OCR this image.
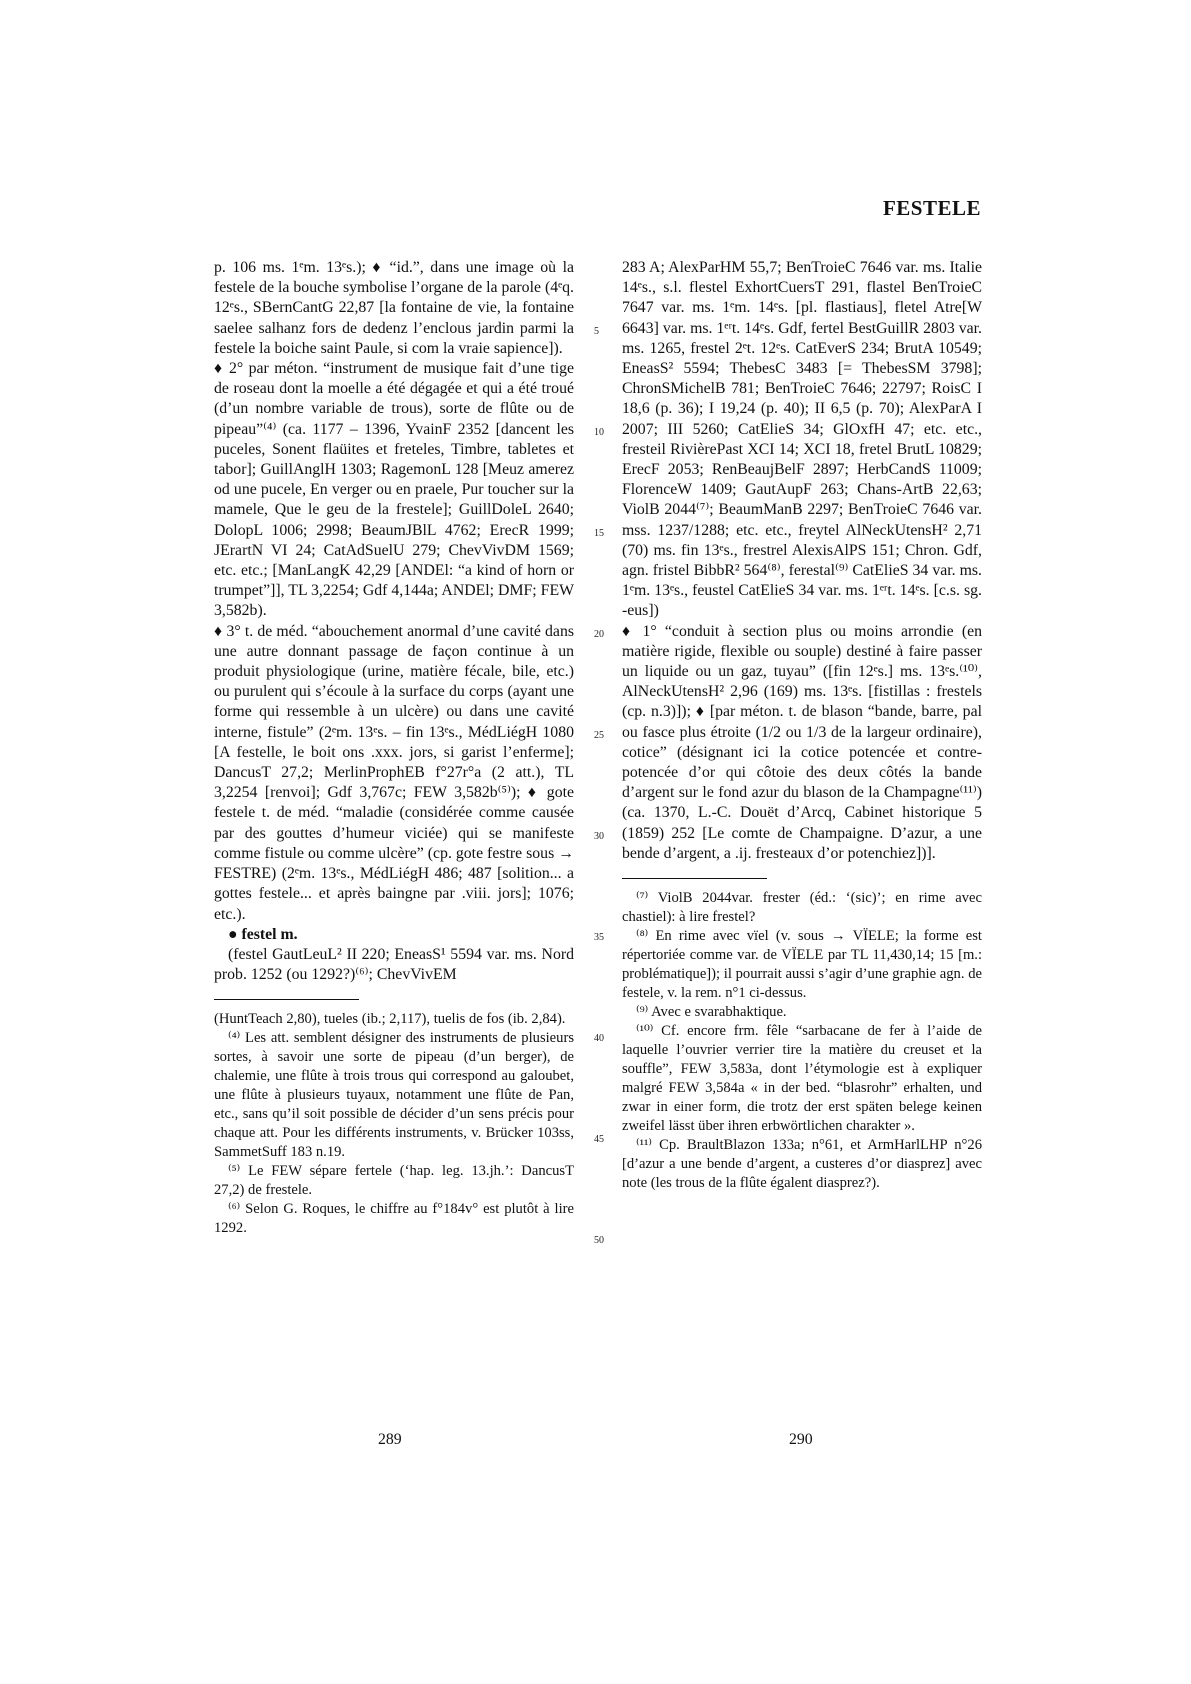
FESTELE

p. 106 ms. 1ᵉm. 13ᵉs.); ♦ “id.”, dans une image où la festele de la bouche symbolise l’organe de la parole (4ᵉq. 12ᵉs., SBernCantG 22,87 [la fontaine de vie, la fontaine saelee salhanz fors de dedenz l’enclous jardin parmi la festele la boiche saint Paule, si com la vraie sapience]).

♦ 2° par méton. “instrument de musique fait d’une tige de roseau dont la moelle a été dégagée et qui a été troué (d’un nombre variable de trous), sorte de flûte ou de pipeau”⁽⁴⁾ (ca. 1177 – 1396, YvainF 2352 [dancent les puceles, Sonent flaüites et freteles, Timbre, tabletes et tabor]; GuillAnglH 1303; RagemonL 128 [Meuz amerez od une pucele, En verger ou en praele, Pur toucher sur la mamele, Que le geu de la frestele]; GuillDoleL 2640; DolopL 1006; 2998; BeaumJBlL 4762; ErecR 1999; JErartN VI 24; CatAdSuelU 279; ChevVivDM 1569; etc. etc.; [ManLangK 42,29 [ANDEl: “a kind of horn or trumpet”]], TL 3,2254; Gdf 4,144a; ANDEl; DMF; FEW 3,582b).

♦ 3° t. de méd. “abouchement anormal d’une cavité dans une autre donnant passage de façon continue à un produit physiologique (urine, matière fécale, bile, etc.) ou purulent qui s’écoule à la surface du corps (ayant une forme qui ressemble à un ulcère) ou dans une cavité interne, fistule” (2ᵉm. 13ᵉs. – fin 13ᵉs., MédLiégH 1080 [A festelle, le boit ons .xxx. jors, si garist l’enferme]; DancusT 27,2; MerlinProphEB f°27r°a (2 att.), TL 3,2254 [renvoi]; Gdf 3,767c; FEW 3,582b⁽⁵⁾); ♦ gote festele t. de méd. “maladie (considérée comme causée par des gouttes d’humeur viciée) qui se manifeste comme fistule ou comme ulcère” (cp. gote festre sous → FESTRE) (2ᵉm. 13ᵉs., MédLiégH 486; 487 [solition... a gottes festele... et après baingne par .viii. jors]; 1076; etc.).

● festel m.

(festel GautLeuL² II 220; EneasS¹ 5594 var. ms. Nord prob. 1252 (ou 1292?)⁽⁶⁾; ChevVivEM

(HuntTeach 2,80), tueles (ib.; 2,117), tuelis de fos (ib. 2,84).

⁽⁴⁾ Les att. semblent désigner des instruments de plusieurs sortes, à savoir une sorte de pipeau (d’un berger), de chalemie, une flûte à trois trous qui correspond au galoubet, une flûte à plusieurs tuyaux, notamment une flûte de Pan, etc., sans qu’il soit possible de décider d’un sens précis pour chaque att. Pour les différents instruments, v. Brücker 103ss, SammetSuff 183 n.19.

⁽⁵⁾ Le FEW sépare fertele (‘hap. leg. 13.jh.’: DancusT 27,2) de frestele.

⁽⁶⁾ Selon G. Roques, le chiffre au f°184v° est plutôt à lire 1292.

5
10
15
20
25
30
35
40
45
50

283 A; AlexParHM 55,7; BenTroieC 7646 var. ms. Italie 14ᵉs., s.l. flestel ExhortCuersT 291, flastel BenTroieC 7647 var. ms. 1ᵉm. 14ᵉs. [pl. flastiaus], fletel Atre[W 6643] var. ms. 1ᵉʳt. 14ᵉs. Gdf, fertel BestGuillR 2803 var. ms. 1265, frestel 2ᵉt. 12ᵉs. CatEverS 234; BrutA 10549; EneasS² 5594; ThebesC 3483 [= ThebesSM 3798]; ChronSMichelB 781; BenTroieC 7646; 22797; RoisC I 18,6 (p. 36); I 19,24 (p. 40); II 6,5 (p. 70); AlexParA I 2007; III 5260; CatElieS 34; GlOxfH 47; etc. etc., fresteil RivièrePast XCI 14; XCI 18, fretel BrutL 10829; ErecF 2053; RenBeaujBelF 2897; HerbCandS 11009; FlorenceW 1409; GautAupF 263; Chans-ArtB 22,63; ViolB 2044⁽⁷⁾; BeaumManB 2297; BenTroieC 7646 var. mss. 1237/1288; etc. etc., freytel AlNeckUtensH² 2,71 (70) ms. fin 13ᵉs., frestrel AlexisAlPS 151; Chron. Gdf, agn. fristel BibbR² 564⁽⁸⁾, ferestal⁽⁹⁾ CatElieS 34 var. ms. 1ᵉm. 13ᵉs., feustel CatElieS 34 var. ms. 1ᵉʳt. 14ᵉs. [c.s. sg. -eus])

♦ 1° “conduit à section plus ou moins arrondie (en matière rigide, flexible ou souple) destiné à faire passer un liquide ou un gaz, tuyau” ([fin 12ᵉs.] ms. 13ᵉs.⁽¹⁰⁾, AlNeckUtensH² 2,96 (169) ms. 13ᵉs. [fistillas : frestels (cp. n.3)]); ♦ [par méton. t. de blason “bande, barre, pal ou fasce plus étroite (1/2 ou 1/3 de la largeur ordinaire), cotice” (désignant ici la cotice potencée et contre-potencée d’or qui côtoie des deux côtés la bande d’argent sur le fond azur du blason de la Champagne⁽¹¹⁾) (ca. 1370, L.-C. Douët d’Arcq, Cabinet historique 5 (1859) 252 [Le comte de Champaigne. D’azur, a une bende d’argent, a .ij. fresteaux d’or potenchiez])].

⁽⁷⁾ ViolB 2044var. frester (éd.: ‘(sic)’; en rime avec chastiel): à lire frestel?

⁽⁸⁾ En rime avec vïel (v. sous → VÏELE; la forme est répertoriée comme var. de VÏELE par TL 11,430,14; 15 [m.: problématique]); il pourrait aussi s’agir d’une graphie agn. de festele, v. la rem. n°1 ci-dessus.

⁽⁹⁾ Avec e svarabhaktique.

⁽¹⁰⁾ Cf. encore frm. fêle “sarbacane de fer à l’aide de laquelle l’ouvrier verrier tire la matière du creuset et la souffle”, FEW 3,583a, dont l’étymologie est à expliquer malgré FEW 3,584a « in der bed. “blasrohr” erhalten, und zwar in einer form, die trotz der erst späten belege keinen zweifel lässt über ihren erbwörtlichen charakter ».

⁽¹¹⁾ Cp. BraultBlazon 133a; n°61, et ArmHarlLHP n°26 [d’azur a une bende d’argent, a custeres d’or diasprez] avec note (les trous de la flûte égalent diasprez?).

289	290
